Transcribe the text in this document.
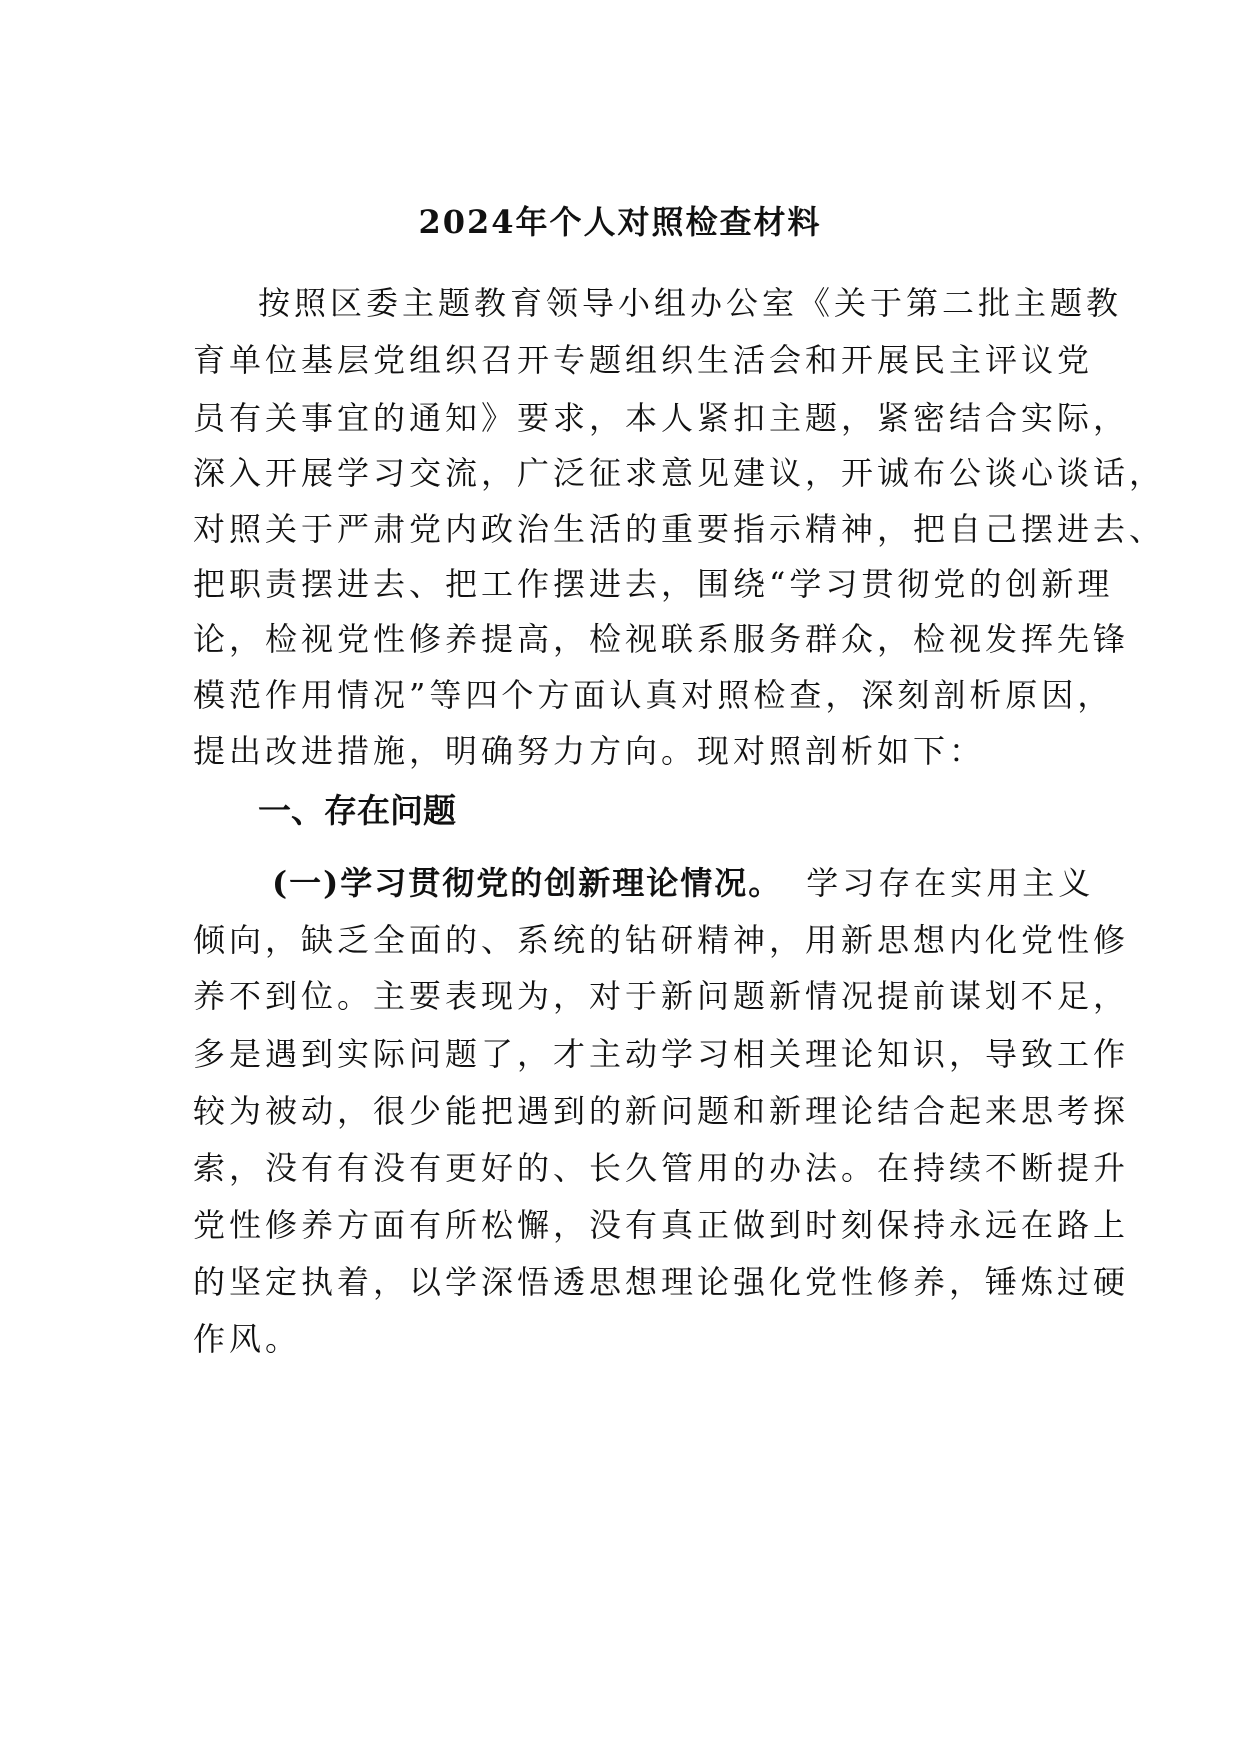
2024年个人对照检查材料
按照区委主题教育领导小组办公室《关于第二批主题教
育单位基层党组织召开专题组织生活会和开展民主评议党
员有关事宜的通知》要求，本人紧扣主题，紧密结合实际，
深入开展学习交流，广泛征求意见建议，开诚布公谈心谈话，
对照关于严肃党内政治生活的重要指示精神，把自己摆进去、
把职责摆进去、把工作摆进去，围绕“学习贯彻党的创新理
论，检视党性修养提高，检视联系服务群众，检视发挥先锋
模范作用情况”等四个方面认真对照检查，深刻剖析原因，
提出改进措施，明确努力方向。现对照剖析如下：
一、存在问题
(一)学习贯彻党的创新理论情况。 学习存在实用主义
倾向，缺乏全面的、系统的钻研精神，用新思想内化党性修
养不到位。主要表现为，对于新问题新情况提前谋划不足，
多是遇到实际问题了，才主动学习相关理论知识，导致工作
较为被动，很少能把遇到的新问题和新理论结合起来思考探
索，没有有没有更好的、长久管用的办法。在持续不断提升
党性修养方面有所松懈，没有真正做到时刻保持永远在路上
的坚定执着，以学深悟透思想理论强化党性修养，锤炼过硬
作风。
